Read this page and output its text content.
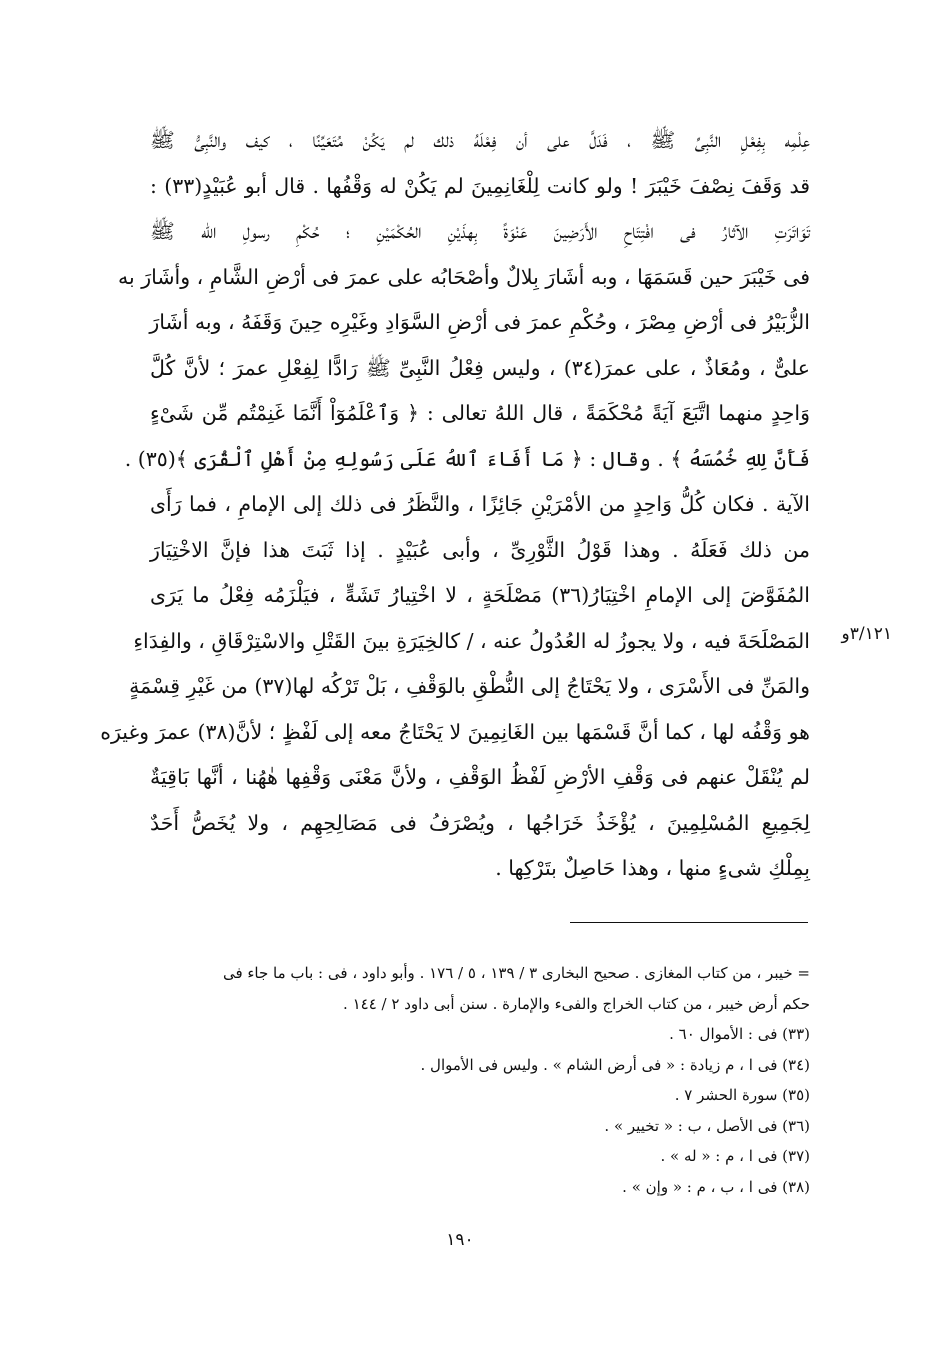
عِلْمِه بِفِعْلِ النَّبِىِّ ﷺ ، فَدَلَّ على أن فِعْلَهُ ذلك لم يَكُنْ مُتَعَيِّنًا ، كيف والنَّبِىُّ ﷺ
قد وَقَفَ نِصْفَ خَيْبَرَ ! ولو كانت لِلْغَانِمِينَ لم يَكُنْ له وَقْفُها . قال أبو عُبَيْدٍ(٣٣) :
تَوَاتَرَتِ الآثارُ فى افْتِتَاحِ الأَرَضِينَ عَنْوَةً بِهذَيْنِ الحُكْمَيْنِ ؛ حُكْمِ رسولِ الله ﷺ
فى خَيْبَرَ حين قَسَمَهَا ، وبه أشَارَ بِلالٌ وأصْحَابُه على عمرَ فى أرْضِ الشَّامِ ، وأشَارَ به
الزُّبَيْرُ فى أرْضِ مِصْرَ ، وحُكْمِ عمرَ فى أرْضِ السَّوَادِ وغَيْرِه حِينَ وَقَفَهُ ، وبه أشَارَ
علىٌّ ، ومُعَاذٌ ، على عمرَ(٣٤) ، وليس فِعْلُ النَّبِىِّ ﷺ رَادًّا لِفِعْلِ عمرَ ؛ لأنَّ كُلَّ
وَاحِدٍ منهما اتَّبَعَ آيَةً مُحْكَمَةً ، قال اللهُ تعالى : ﴿ وَٱعْلَمُوٓاْ أَنَّمَا غَنِمْتُم مِّن شَىْءٍ
فَأَنَّ لِلهِ خُمُسَهُ ﴾ . وقال : ﴿ مَا أَفَاءَ ٱللهُ عَلَى رَسُولِهِ مِنْ أَهْلِ ٱلْقُرَى ﴾(٣٥) .
الآية . فكان كُلُّ وَاحِدٍ من الأمْرَيْنِ جَائِزًا ، والنَّظَرُ فى ذلك إلى الإمامِ ، فما رَأَى
من ذلك فَعَلَهُ . وهذا قَوْلُ الثَّوْرِىِّ ، وأبى عُبَيْدٍ . إذا ثَبَتَ هذا فإنَّ الاخْتِيَارَ
المُفَوَّضَ إلى الإمامِ اخْتِيَارُ(٣٦) مَصْلَحَةٍ ، لا اخْتِيارُ تَشَهٍّ ، فيَلْزَمُه فِعْلُ ما يَرَى
المَصْلَحَةَ فيه ، ولا يجوزُ له العُدُولُ عنه ، / كالخِيَرَةِ بينَ القَتْلِ والاسْتِرْقَاقِ ، والفِدَاءِ
والمَنِّ فى الأَسْرَى ، ولا يَحْتَاجُ إلى النُّطْقِ بالوَقْفِ ، بَلْ تَرْكُه لها(٣٧) من غَيْرِ قِسْمَةٍ
هو وَقْفُه لها ، كما أنَّ قَسْمَها بين الغَانِمِينَ لا يَحْتَاجُ معه إلى لَفْظٍ ؛ لأنَّ(٣٨) عمرَ وغيرَه
لم يُنْقَلْ عنهم فى وَقْفِ الأرْضِ لَفْظُ الوَقْفِ ، ولأنَّ مَعْنَى وَقْفِها هٰهُنا ، أنَّها بَاقِيَةٌ
لِجَمِيعِ المُسْلِمِينَ ، يُؤْخَذُ خَرَاجُها ، ويُصْرَفُ فى مَصَالِحِهِم ، ولا يُخَصُّ أَحَدٌ
بِمِلْكِ شىءٍ منها ، وهذا حَاصِلٌ بتَرْكِها .
٣/١٢١و
= خيبر ، من كتاب المغازى . صحيح البخارى ٣ / ١٣٩ ، ٥ / ١٧٦ . وأبو داود ، فى : باب ما جاء فى
حكم أرض خيبر ، من كتاب الخراج والفىء والإمارة . سنن أبى داود ٢ / ١٤٤ .
(٣٣) فى : الأموال ٦٠ .
(٣٤) فى ا ، م زيادة : « فى أرض الشام » . وليس فى الأموال .
(٣٥) سورة الحشر ٧ .
(٣٦) فى الأصل ، ب : « تخيير » .
(٣٧) فى ا ، م : « له » .
(٣٨) فى ا ، ب ، م : « وإن » .
١٩٠
